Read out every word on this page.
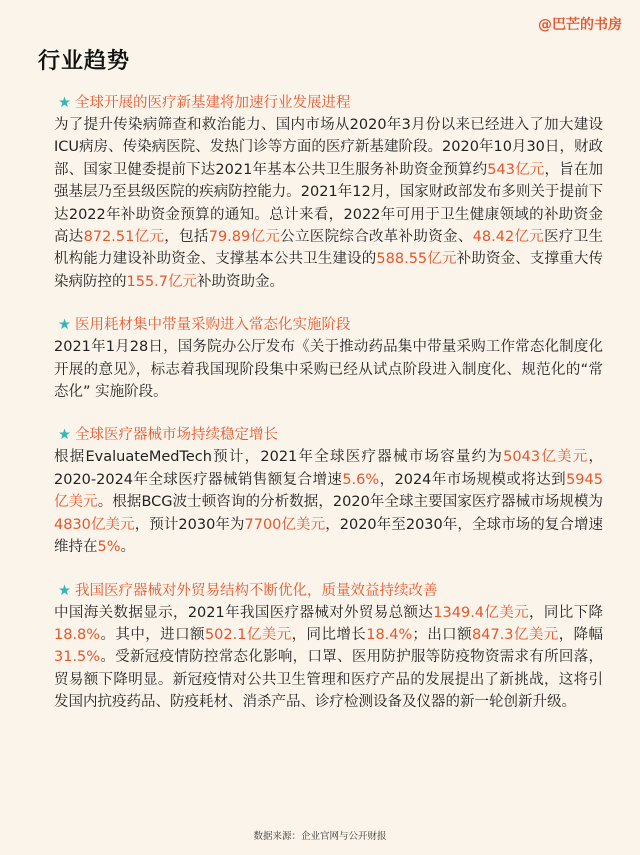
@巴芒的书房
行业趋势
★ 全球开展的医疗新基建将加速行业发展进程
为了提升传染病筛查和救治能力、国内市场从2020年3月份以来已经进入了加大建设ICU病房、传染病医院、发热门诊等方面的医疗新基建阶段。2020年10月30日，财政部、国家卫健委提前下达2021年基本公共卫生服务补助资金预算约543亿元，旨在加强基层乃至县级医院的疾病防控能力。2021年12月，国家财政部发布多则关于提前下达2022年补助资金预算的通知。总计来看，2022年可用于卫生健康领域的补助资金高达872.51亿元，包括79.89亿元公立医院综合改革补助资金、48.42亿元医疗卫生机构能力建设补助资金、支撑基本公共卫生建设的588.55亿元补助资金、支撑重大传染病防控的155.7亿元补助资助金。
★ 医用耗材集中带量采购进入常态化实施阶段
2021年1月28日，国务院办公厅发布《关于推动药品集中带量采购工作常态化制度化开展的意见》，标志着我国现阶段集中采购已经从试点阶段进入制度化、规范化的“常态化” 实施阶段。
★ 全球医疗器械市场持续稳定增长
根据EvaluateMedTech预计，2021年全球医疗器械市场容量约为5043亿美元，2020-2024年全球医疗器械销售额复合增速5.6%，2024年市场规模或将达到5945亿美元。根据BCG波士顿咨询的分析数据，2020年全球主要国家医疗器械市场规模为4830亿美元，预计2030年为7700亿美元，2020年至2030年，全球市场的复合增速维持在5%。
★ 我国医疗器械对外贸易结构不断优化，质量效益持续改善
中国海关数据显示，2021年我国医疗器械对外贸易总额达1349.4亿美元，同比下降18.8%。其中，进口额502.1亿美元，同比增长18.4%；出口额847.3亿美元，降幅31.5%。受新冠疫情防控常态化影响，口罩、医用防护服等防疫物资需求有所回落，贸易额下降明显。新冠疫情对公共卫生管理和医疗产品的发展提出了新挑战，这将引发国内抗疫药品、防疫耗材、消杀产品、诊疗检测设备及仪器的新一轮创新升级。
数据来源：企业官网与公开财报
